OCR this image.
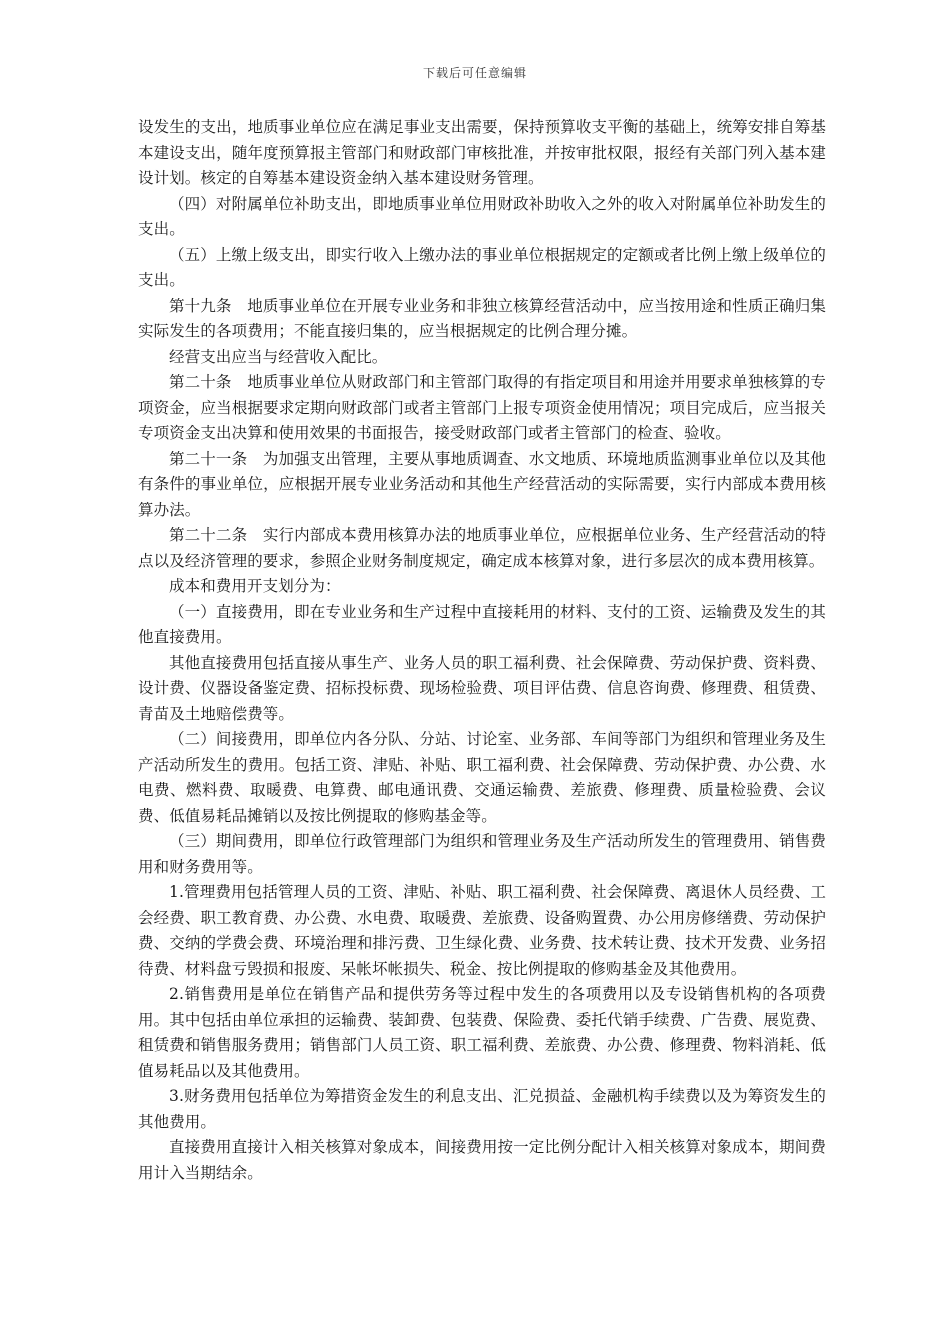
下载后可任意编辑

设发生的支出，地质事业单位应在满足事业支出需要，保持预算收支平衡的基础上，统筹安排自筹基本建设支出，随年度预算报主管部门和财政部门审核批准，并按审批权限，报经有关部门列入基本建设计划。核定的自筹基本建设资金纳入基本建设财务管理。

（四）对附属单位补助支出，即地质事业单位用财政补助收入之外的收入对附属单位补助发生的支出。

（五）上缴上级支出，即实行收入上缴办法的事业单位根据规定的定额或者比例上缴上级单位的支出。

第十九条　地质事业单位在开展专业业务和非独立核算经营活动中，应当按用途和性质正确归集实际发生的各项费用；不能直接归集的，应当根据规定的比例合理分摊。

经营支出应当与经营收入配比。

第二十条　地质事业单位从财政部门和主管部门取得的有指定项目和用途并用要求单独核算的专项资金，应当根据要求定期向财政部门或者主管部门上报专项资金使用情况；项目完成后，应当报关专项资金支出决算和使用效果的书面报告，接受财政部门或者主管部门的检查、验收。

第二十一条　为加强支出管理，主要从事地质调查、水文地质、环境地质监测事业单位以及其他有条件的事业单位，应根据开展专业业务活动和其他生产经营活动的实际需要，实行内部成本费用核算办法。

第二十二条　实行内部成本费用核算办法的地质事业单位，应根据单位业务、生产经营活动的特点以及经济管理的要求，参照企业财务制度规定，确定成本核算对象，进行多层次的成本费用核算。

成本和费用开支划分为：

（一）直接费用，即在专业业务和生产过程中直接耗用的材料、支付的工资、运输费及发生的其他直接费用。

其他直接费用包括直接从事生产、业务人员的职工福利费、社会保障费、劳动保护费、资料费、设计费、仪器设备鉴定费、招标投标费、现场检验费、项目评估费、信息咨询费、修理费、租赁费、青苗及土地赔偿费等。

（二）间接费用，即单位内各分队、分站、讨论室、业务部、车间等部门为组织和管理业务及生产活动所发生的费用。包括工资、津贴、补贴、职工福利费、社会保障费、劳动保护费、办公费、水电费、燃料费、取暖费、电算费、邮电通讯费、交通运输费、差旅费、修理费、质量检验费、会议费、低值易耗品摊销以及按比例提取的修购基金等。

（三）期间费用，即单位行政管理部门为组织和管理业务及生产活动所发生的管理费用、销售费用和财务费用等。

1.管理费用包括管理人员的工资、津贴、补贴、职工福利费、社会保障费、离退休人员经费、工会经费、职工教育费、办公费、水电费、取暖费、差旅费、设备购置费、办公用房修缮费、劳动保护费、交纳的学费会费、环境治理和排污费、卫生绿化费、业务费、技术转让费、技术开发费、业务招待费、材料盘亏毁损和报废、呆帐坏帐损失、税金、按比例提取的修购基金及其他费用。

2.销售费用是单位在销售产品和提供劳务等过程中发生的各项费用以及专设销售机构的各项费用。其中包括由单位承担的运输费、装卸费、包装费、保险费、委托代销手续费、广告费、展览费、租赁费和销售服务费用；销售部门人员工资、职工福利费、差旅费、办公费、修理费、物料消耗、低值易耗品以及其他费用。

3.财务费用包括单位为筹措资金发生的利息支出、汇兑损益、金融机构手续费以及为筹资发生的其他费用。

直接费用直接计入相关核算对象成本，间接费用按一定比例分配计入相关核算对象成本，期间费用计入当期结余。
